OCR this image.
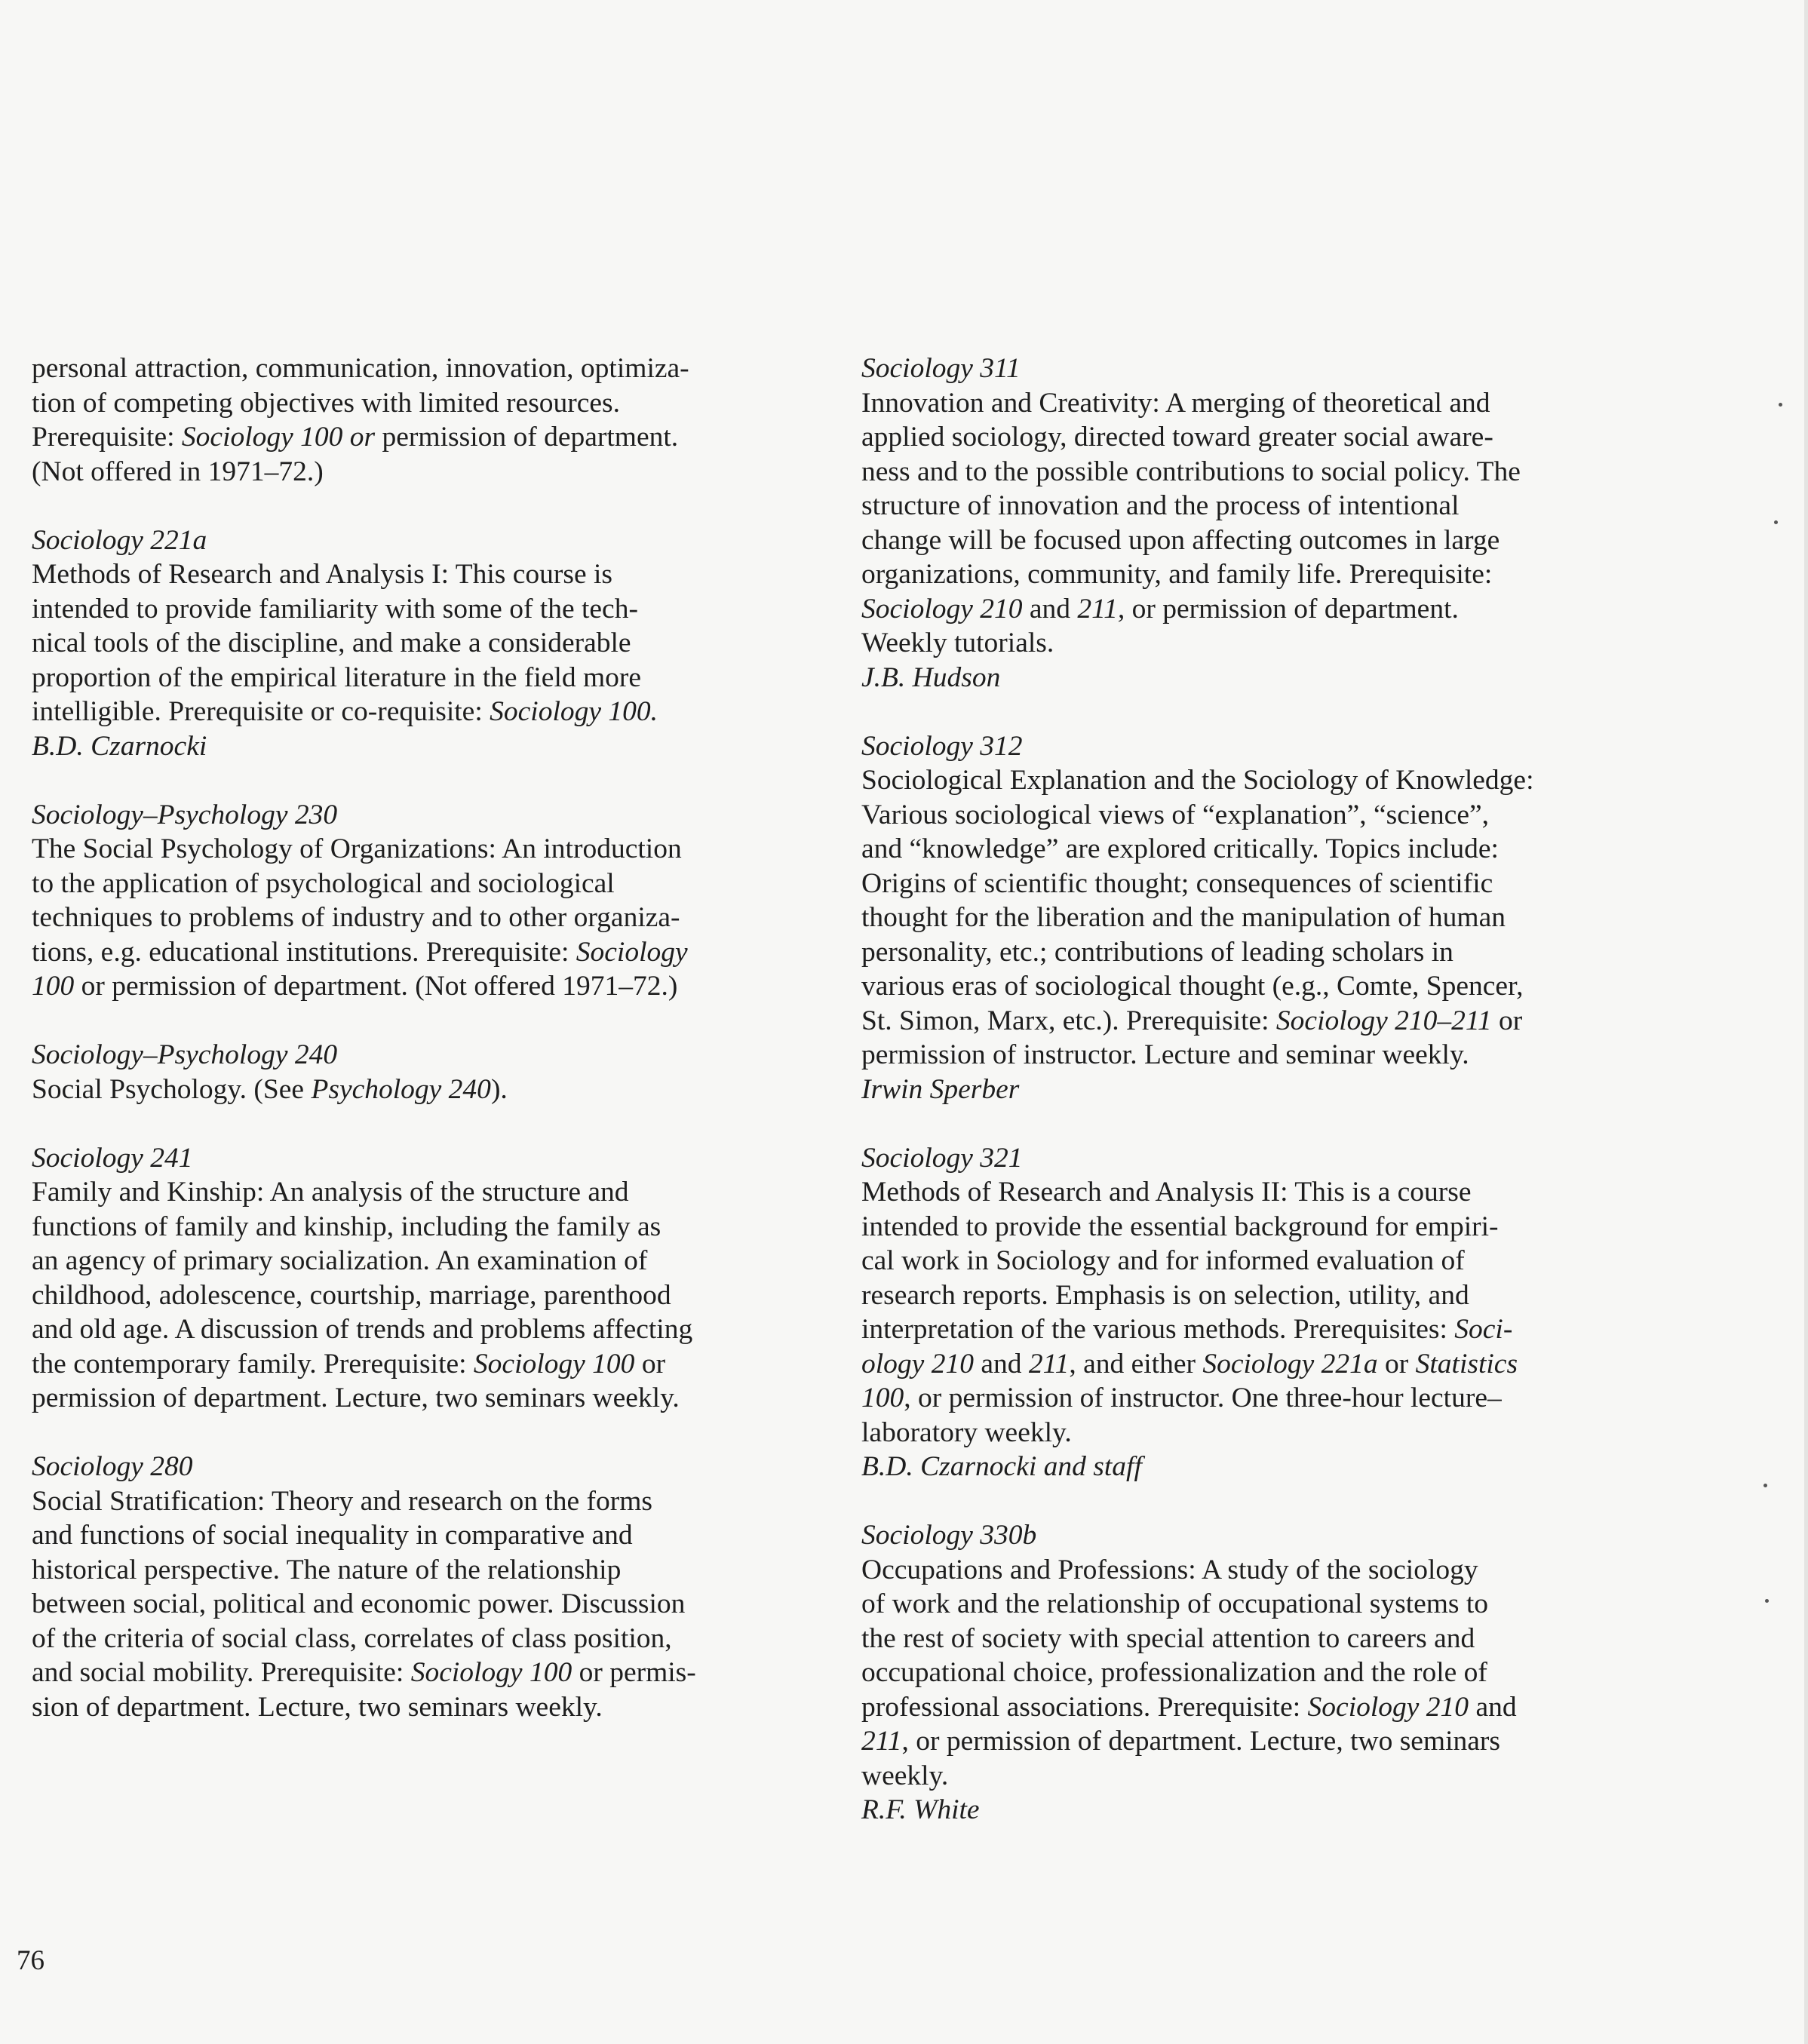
personal attraction, communication, innovation, optimiza-

tion of competing objectives with limited resources.

Prerequisite: Sociology 100 or permission of department.

(Not offered in 1971–72.)

Sociology 221a

Methods of Research and Analysis I: This course is

intended to provide familiarity with some of the tech-

nical tools of the discipline, and make a considerable

proportion of the empirical literature in the field more

intelligible. Prerequisite or co-requisite: Sociology 100.

B.D. Czarnocki
Sociology–Psychology 230

The Social Psychology of Organizations: An introduction

to the application of psychological and sociological

techniques to problems of industry and to other organiza-

tions, e.g. educational institutions. Prerequisite: Sociology

100 or permission of department. (Not offered 1971–72.)

Sociology–Psychology 240

Social Psychology. (See Psychology 240).

Sociology 241

Family and Kinship: An analysis of the structure and

functions of family and kinship, including the family as

an agency of primary socialization. An examination of

childhood, adolescence, courtship, marriage, parenthood

and old age. A discussion of trends and problems affecting

the contemporary family. Prerequisite: Sociology 100 or

permission of department. Lecture, two seminars weekly.

Sociology 280

Social Stratification: Theory and research on the forms

and functions of social inequality in comparative and

historical perspective. The nature of the relationship

between social, political and economic power. Discussion

of the criteria of social class, correlates of class position,

and social mobility. Prerequisite: Sociology 100 or permis-

sion of department. Lecture, two seminars weekly.

Sociology 311

Innovation and Creativity: A merging of theoretical and

applied sociology, directed toward greater social aware-

ness and to the possible contributions to social policy. The

structure of innovation and the process of intentional

change will be focused upon affecting outcomes in large

organizations, community, and family life. Prerequisite:

Sociology 210 and 211, or permission of department.

Weekly tutorials.

J.B. Hudson
Sociology 312

Sociological Explanation and the Sociology of Knowledge:

Various sociological views of “explanation”, “science”,

and “knowledge” are explored critically. Topics include:

Origins of scientific thought; consequences of scientific

thought for the liberation and the manipulation of human

personality, etc.; contributions of leading scholars in

various eras of sociological thought (e.g., Comte, Spencer,

St. Simon, Marx, etc.). Prerequisite: Sociology 210–211 or

permission of instructor. Lecture and seminar weekly.

Irwin Sperber
Sociology 321

Methods of Research and Analysis II: This is a course

intended to provide the essential background for empiri-

cal work in Sociology and for informed evaluation of

research reports. Emphasis is on selection, utility, and

interpretation of the various methods. Prerequisites: Soci-

ology 210 and 211, and either Sociology 221a or Statistics

100, or permission of instructor. One three-hour lecture–

laboratory weekly.

B.D. Czarnocki and staff
Sociology 330b

Occupations and Professions: A study of the sociology

of work and the relationship of occupational systems to

the rest of society with special attention to careers and

occupational choice, professionalization and the role of

professional associations. Prerequisite: Sociology 210 and

211, or permission of department. Lecture, two seminars

weekly.

R.F. White
76
